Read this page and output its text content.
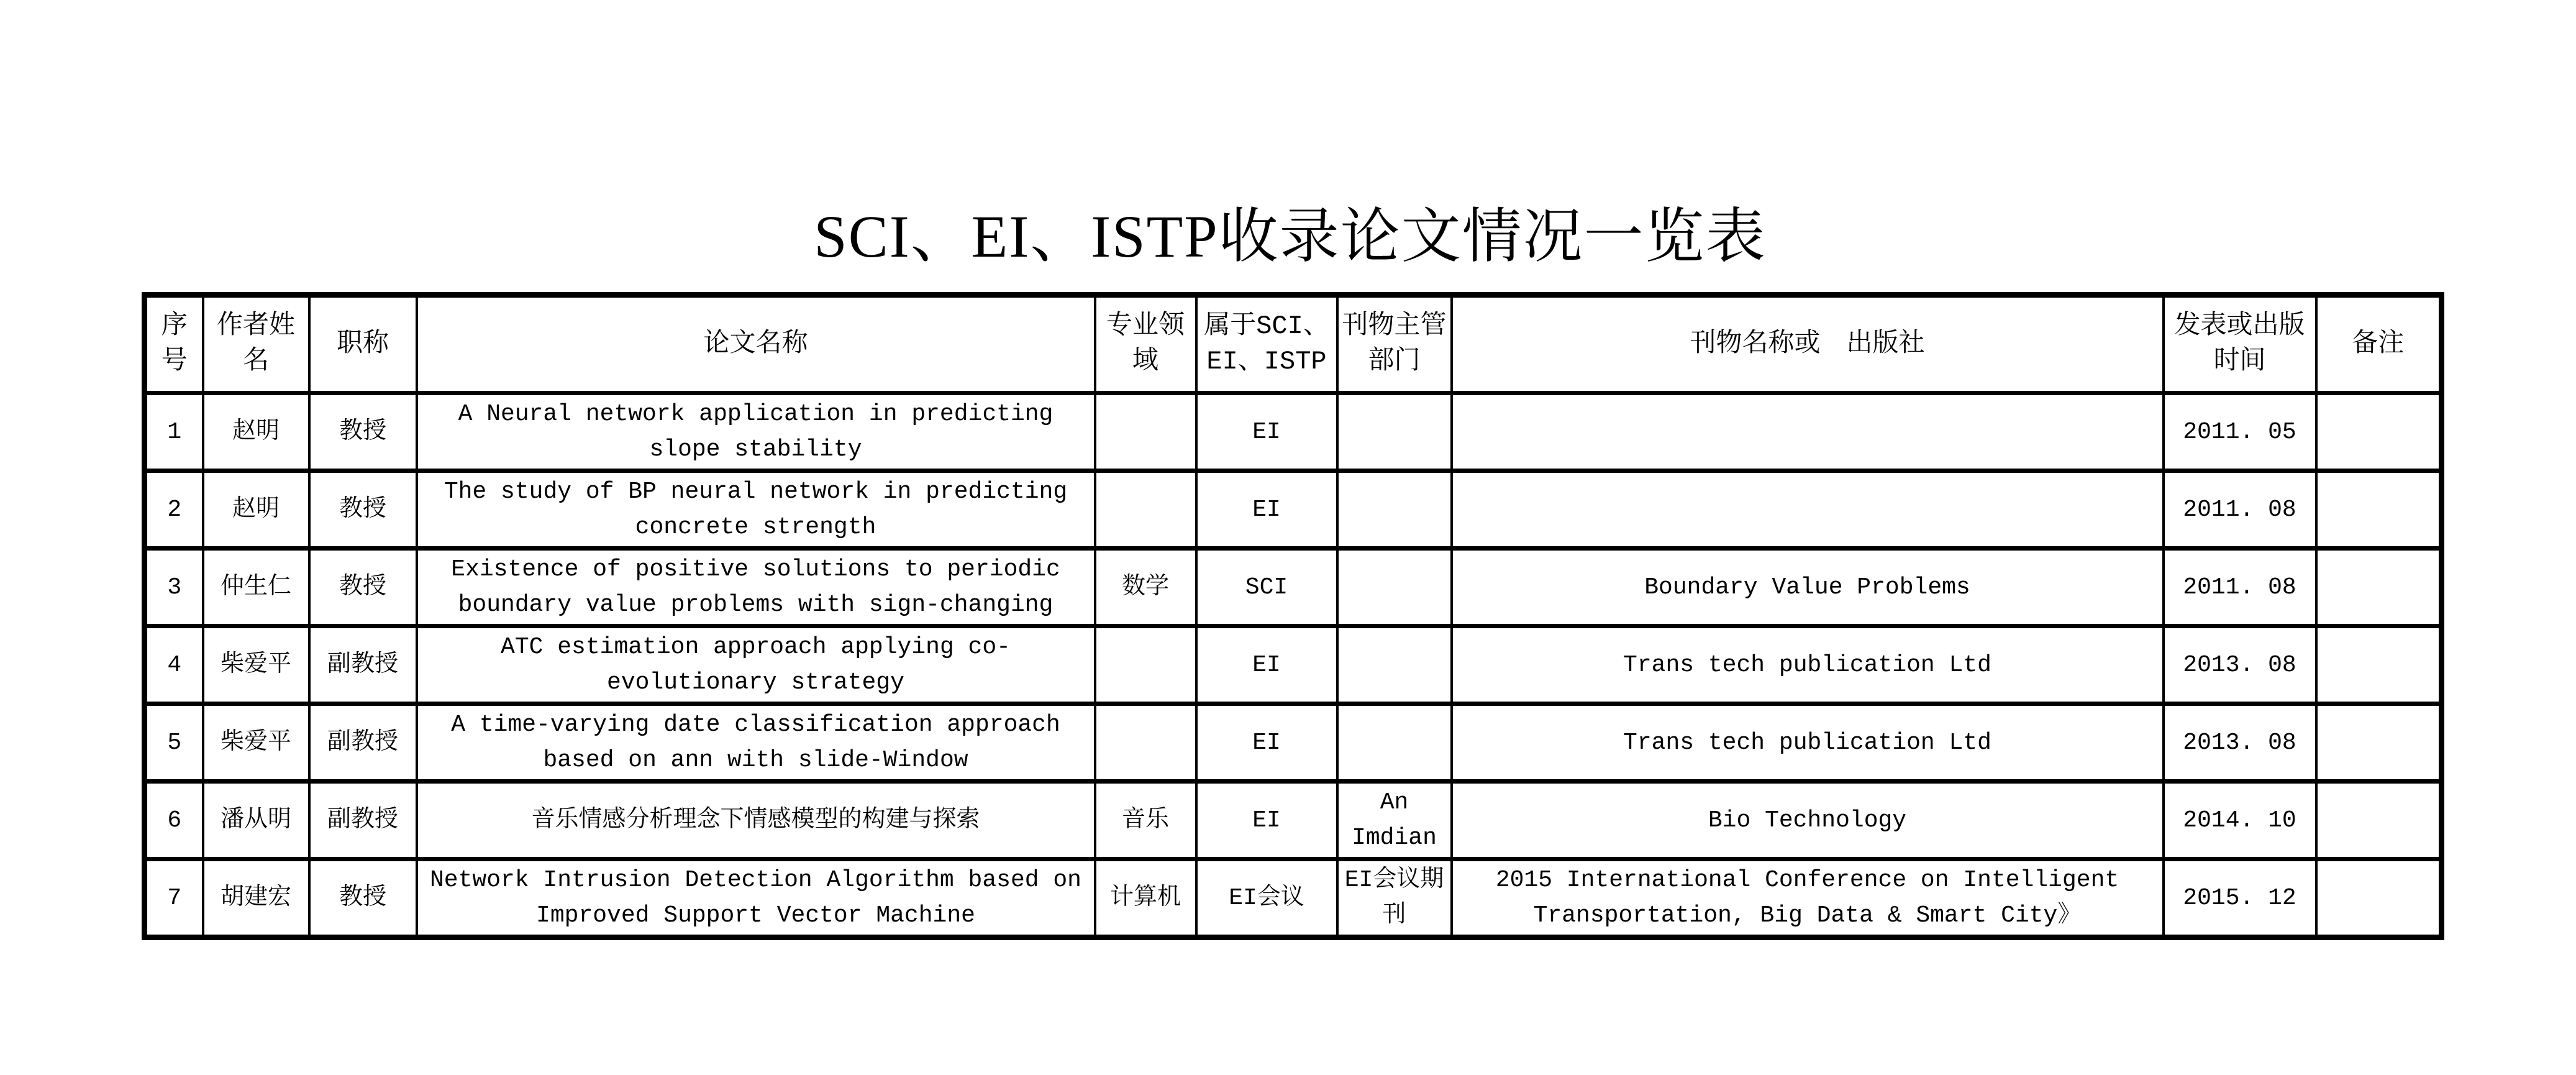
SCI、EI、ISTP收录论文情况一览表
序号	作者姓名	职称	论文名称	专业领域	属于SCI、EI、ISTP	刊物主管部门	刊物名称或　出版社	发表或出版时间	备注
1	赵明	教授	A Neural network application in predicting slope stability		EI			2011. 05	
2	赵明	教授	The study of BP neural network in predicting concrete strength		EI			2011. 08	
3	仲生仁	教授	Existence of positive solutions to periodic boundary value problems with sign-changing	数学	SCI		Boundary Value Problems	2011. 08	
4	柴爱平	副教授	ATC estimation approach applying co-evolutionary strategy		EI		Trans tech publication Ltd	2013. 08	
5	柴爱平	副教授	A time-varying date classification approach based on ann with slide-Window		EI		Trans tech publication Ltd	2013. 08	
6	潘从明	副教授	音乐情感分析理念下情感模型的构建与探索	音乐	EI	An Imdian	Bio Technology	2014. 10	
7	胡建宏	教授	Network Intrusion Detection Algorithm based on Improved Support Vector Machine	计算机	EI会议	EI会议期刊	2015 International Conference on Intelligent Transportation, Big Data & Smart City》	2015. 12	
